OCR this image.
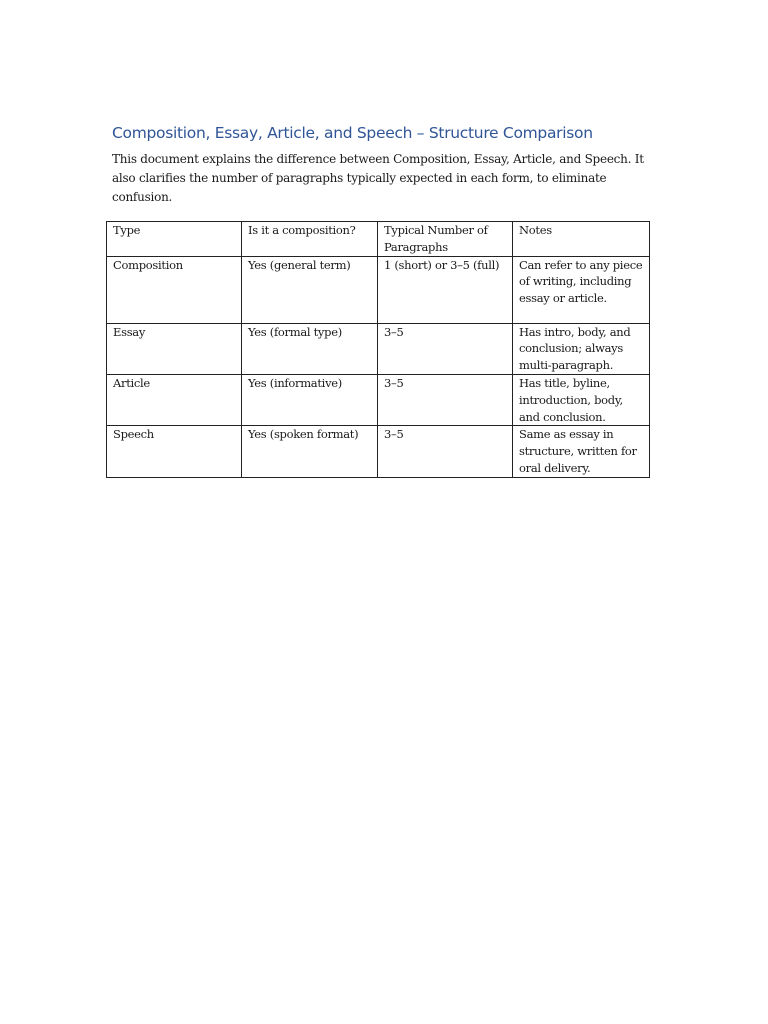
Composition, Essay, Article, and Speech – Structure Comparison

This document explains the difference between Composition, Essay, Article, and Speech. It also clarifies the number of paragraphs typically expected in each form, to eliminate confusion.

Type	Is it a composition?	Typical Number of Paragraphs	Notes
Composition	Yes (general term)	1 (short) or 3–5 (full)	Can refer to any piece of writing, including essay or article.
Essay	Yes (formal type)	3–5	Has intro, body, and conclusion; always multi-paragraph.
Article	Yes (informative)	3–5	Has title, byline, introduction, body, and conclusion.
Speech	Yes (spoken format)	3–5	Same as essay in structure, written for oral delivery.
